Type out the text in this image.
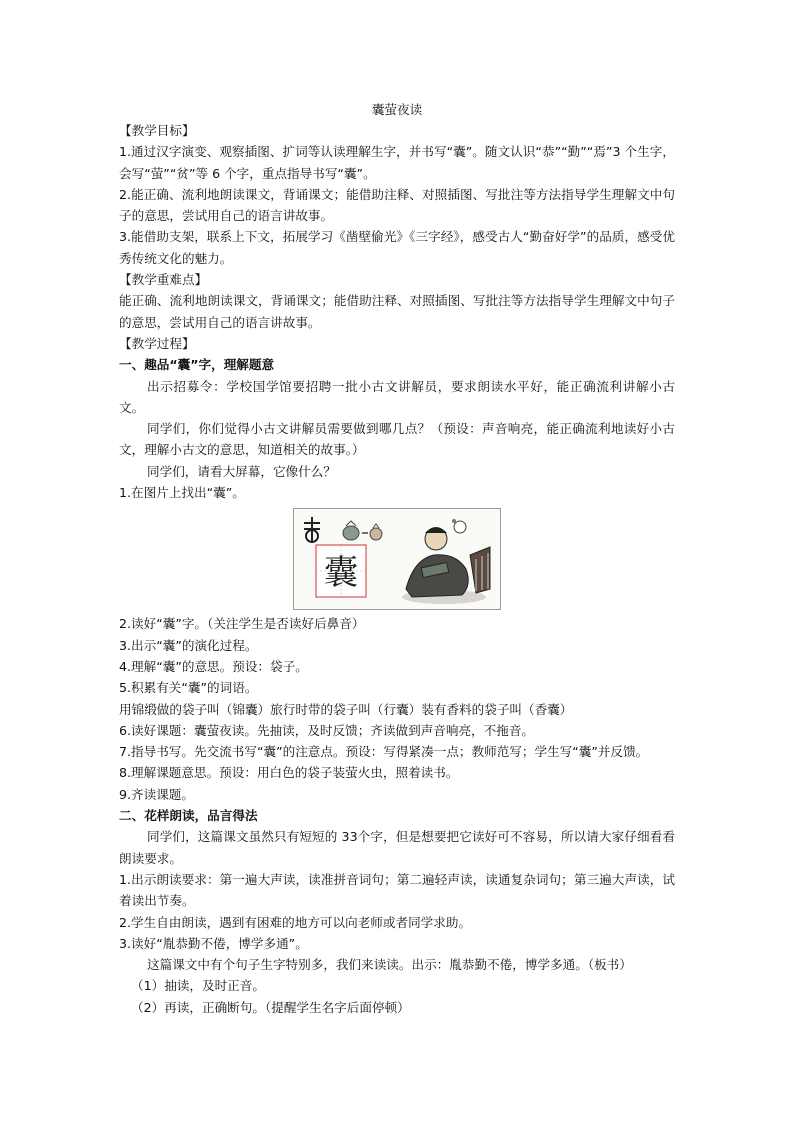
囊萤夜读

【教学目标】

1.通过汉字演变、观察插图、扩词等认读理解生字，并书写“囊”。随文认识“恭”“勤”“焉”3 个生字，会写“萤”“贫”等 6 个字，重点指导书写“囊”。

2.能正确、流利地朗读课文，背诵课文；能借助注释、对照插图、写批注等方法指导学生理解文中句子的意思，尝试用自己的语言讲故事。

3.能借助支架，联系上下文，拓展学习《凿壁偷光》《三字经》，感受古人“勤奋好学”的品质，感受优秀传统文化的魅力。

【教学重难点】

能正确、流利地朗读课文，背诵课文；能借助注释、对照插图、写批注等方法指导学生理解文中句子的意思，尝试用自己的语言讲故事。

【教学过程】

一、趣品“囊”字，理解题意

出示招募令：学校国学馆要招聘一批小古文讲解员，要求朗读水平好，能正确流利讲解小古文。

同学们，你们觉得小古文讲解员需要做到哪几点？（预设：声音响亮，能正确流利地读好小古文，理解小古文的意思，知道相关的故事。）

同学们，请看大屏幕，它像什么？

1.在图片上找出“囊”。

囊

2.读好“囊”字。（关注学生是否读好后鼻音）

3.出示“囊”的演化过程。

4.理解“囊”的意思。预设：袋子。

5.积累有关“囊”的词语。

用锦缎做的袋子叫（锦囊）旅行时带的袋子叫（行囊）装有香料的袋子叫（香囊）

6.读好课题：囊萤夜读。先抽读，及时反馈；齐读做到声音响亮，不拖音。

7.指导书写。先交流书写“囊”的注意点。预设：写得紧凑一点；教师范写；学生写“囊”并反馈。

8.理解课题意思。预设：用白色的袋子装萤火虫，照着读书。

9.齐读课题。

二、花样朗读，品言得法

同学们，这篇课文虽然只有短短的 33个字，但是想要把它读好可不容易，所以请大家仔细看看朗读要求。

1.出示朗读要求：第一遍大声读，读准拼音词句；第二遍轻声读，读通复杂词句；第三遍大声读，试着读出节奏。

2.学生自由朗读，遇到有困难的地方可以向老师或者同学求助。

3.读好“胤恭勤不倦，博学多通”。

这篇课文中有个句子生字特别多，我们来读读。出示：胤恭勤不倦，博学多通。（板书）

（1）抽读，及时正音。

（2）再读，正确断句。（提醒学生名字后面停顿）
